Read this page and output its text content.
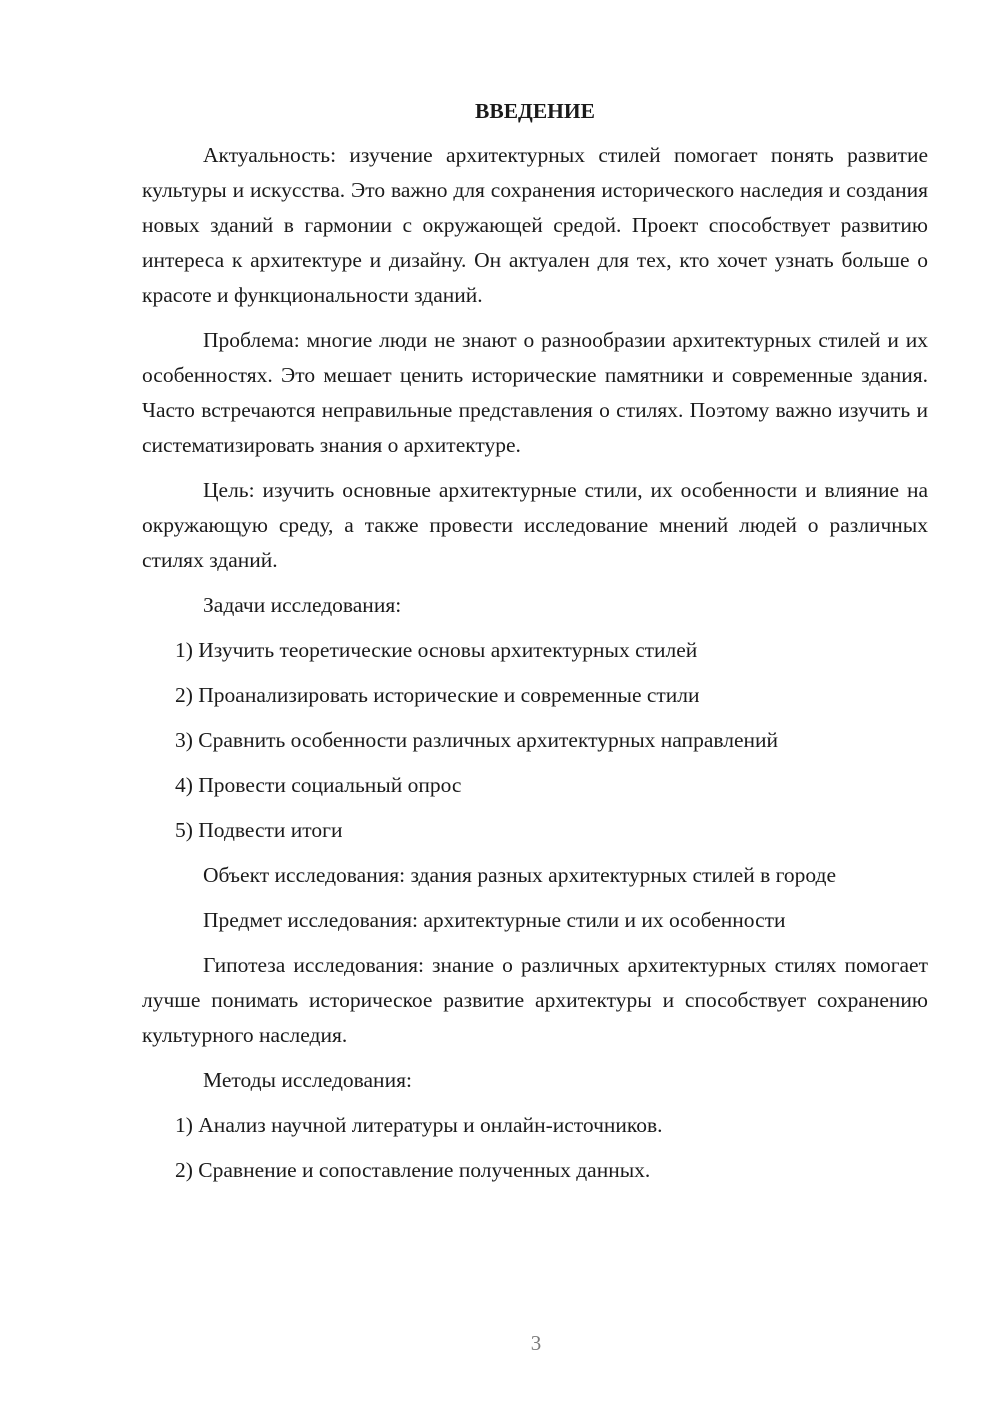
ВВЕДЕНИЕ

Актуальность: изучение архитектурных стилей помогает понять развитие культуры и искусства. Это важно для сохранения исторического наследия и создания новых зданий в гармонии с окружающей средой. Проект способствует развитию интереса к архитектуре и дизайну. Он актуален для тех, кто хочет узнать больше о красоте и функциональности зданий.

Проблема: многие люди не знают о разнообразии архитектурных стилей и их особенностях. Это мешает ценить исторические памятники и современные здания. Часто встречаются неправильные представления о стилях. Поэтому важно изучить и систематизировать знания о архитектуре.

Цель: изучить основные архитектурные стили, их особенности и влияние на окружающую среду, а также провести исследование мнений людей о различных стилях зданий.

Задачи исследования:
1) Изучить теоретические основы архитектурных стилей
2) Проанализировать исторические и современные стили
3) Сравнить особенности различных архитектурных направлений
4) Провести социальный опрос
5) Подвести итоги

Объект исследования: здания разных архитектурных стилей в городе

Предмет исследования: архитектурные стили и их особенности

Гипотеза исследования: знание о различных архитектурных стилях помогает лучше понимать историческое развитие архитектуры и способствует сохранению культурного наследия.

Методы исследования:
1) Анализ научной литературы и онлайн-источников.
2) Сравнение и сопоставление полученных данных.
3
